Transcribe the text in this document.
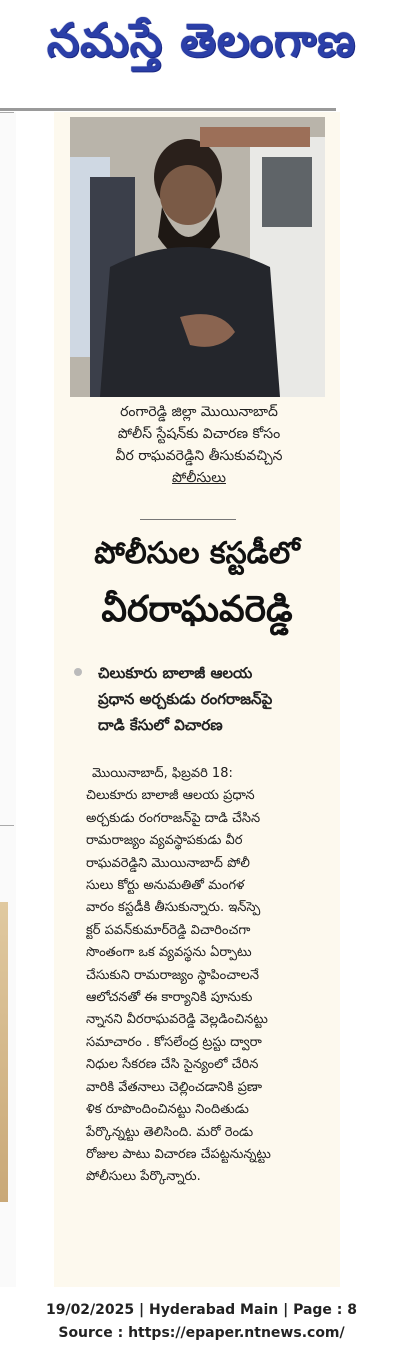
నమస్తే తెలంగాణ
రంగారెడ్డి జిల్లా మొయినాబాద్
పోలీస్ స్టేషన్‌కు విచారణ కోసం
వీర రాఘవరెడ్డిని తీసుకువచ్చిన
పోలీసులు
పోలీసుల కస్టడీలో
వీరరాఘవరెడ్డి
చిలుకూరు బాలాజీ ఆలయ
ప్రధాన అర్చకుడు రంగరాజన్‌పై
దాడి కేసులో విచారణ
మొయినాబాద్, ఫిబ్రవరి 18:
చిలుకూరు బాలాజీ ఆలయ ప్రధాన
అర్చకుడు రంగరాజన్‌పై దాడి చేసిన
రామరాజ్యం వ్యవస్థాపకుడు వీర
రాఘవరెడ్డిని మొయినాబాద్ పోలీ
సులు కోర్టు అనుమతితో మంగళ
వారం కస్టడీకి తీసుకున్నారు. ఇన్‌స్పె
క్టర్ పవన్‌కుమార్‌రెడ్డి విచారించగా
సొంతంగా ఒక వ్యవస్థను ఏర్పాటు
చేసుకుని రామరాజ్యం స్థాపించాలనే
ఆలోచనతో ఈ కార్యానికి పూనుకు
న్నానని వీరరాఘవరెడ్డి వెల్లడించినట్టు
సమాచారం . కోసలేంద్ర ట్రస్టు ద్వారా
నిధుల సేకరణ చేసి సైన్యంలో చేరిన
వారికి వేతనాలు చెల్లించడానికి ప్రణా
ళిక రూపొందించినట్టు నిందితుడు
పేర్కొన్నట్టు తెలిసింది. మరో రెండు
రోజుల పాటు విచారణ చేపట్టనున్నట్టు
పోలీసులు పేర్కొన్నారు.
19/02/2025 | Hyderabad Main | Page : 8
Source : https://epaper.ntnews.com/
